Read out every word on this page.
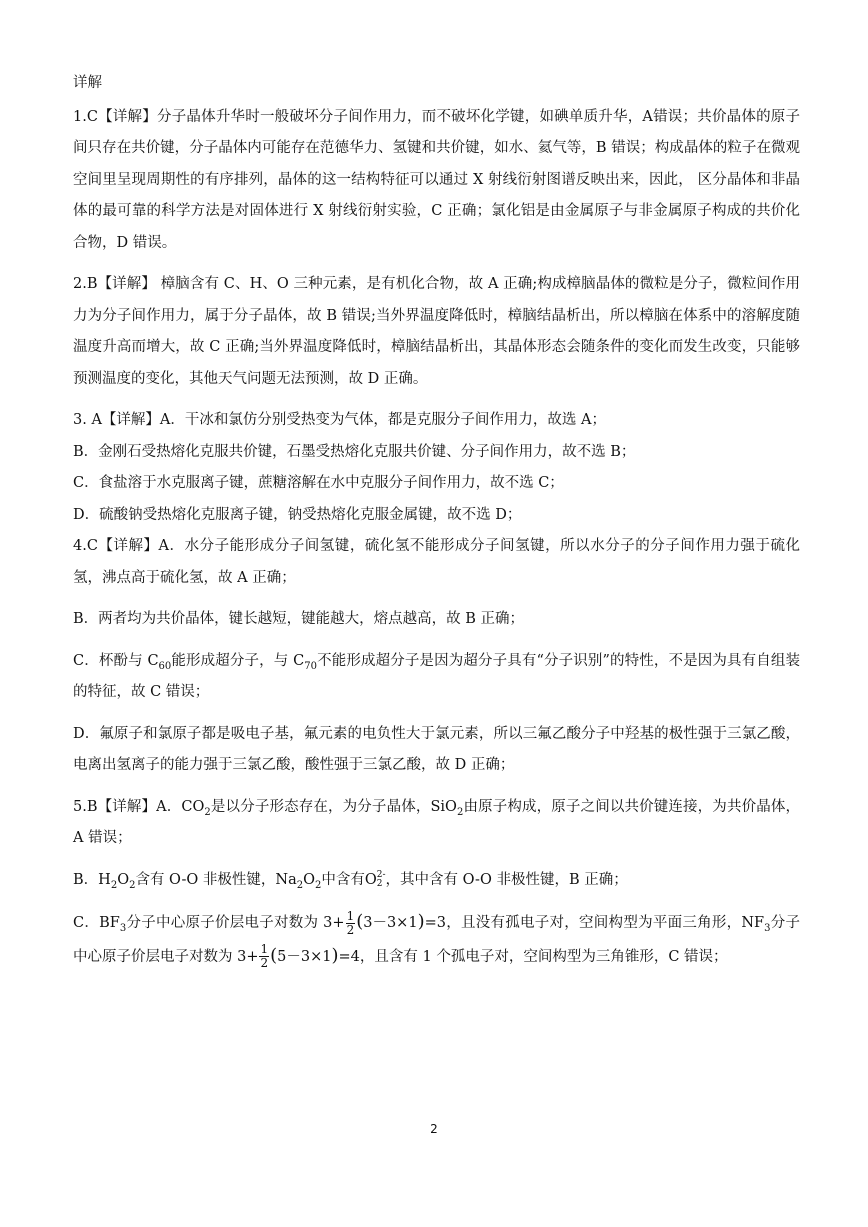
详解

1.C【详解】分子晶体升华时一般破坏分子间作用力，而不破坏化学键，如碘单质升华，A错误；共价晶体的原子间只存在共价键，分子晶体内可能存在范德华力、氢键和共价键，如水、氦气等，B 错误；构成晶体的粒子在微观空间里呈现周期性的有序排列，晶体的这一结构特征可以通过 X 射线衍射图谱反映出来，因此， 区分晶体和非晶体的最可靠的科学方法是对固体进行 X 射线衍射实验，C 正确；氯化铝是由金属原子与非金属原子构成的共价化合物，D 错误。

2.B【详解】 樟脑含有 C、H、O 三种元素，是有机化合物，故 A 正确;构成樟脑晶体的微粒是分子，微粒间作用力为分子间作用力，属于分子晶体，故 B 错误;当外界温度降低时，樟脑结晶析出，所以樟脑在体系中的溶解度随温度升高而增大，故 C 正确;当外界温度降低时，樟脑结晶析出，其晶体形态会随条件的变化而发生改变，只能够预测温度的变化，其他天气问题无法预测，故 D 正确。

3. A【详解】A．干冰和氯仿分别受热变为气体，都是克服分子间作用力，故选 A；

B．金刚石受热熔化克服共价键，石墨受热熔化克服共价键、分子间作用力，故不选 B；

C．食盐溶于水克服离子键，蔗糖溶解在水中克服分子间作用力，故不选 C；

D．硫酸钠受热熔化克服离子键，钠受热熔化克服金属键，故不选 D；

4.C【详解】A．水分子能形成分子间氢键，硫化氢不能形成分子间氢键，所以水分子的分子间作用力强于硫化氢，沸点高于硫化氢，故 A 正确；

B．两者均为共价晶体，键长越短，键能越大，熔点越高，故 B 正确；

C．杯酚与 $C_{60}$能形成超分子，与 $C_{70}$不能形成超分子是因为超分子具有“分子识别”的特性，不是因为具有自组装的特征，故 C 错误；

D．氟原子和氯原子都是吸电子基，氟元素的电负性大于氯元素，所以三氟乙酸分子中羟基的极性强于三氯乙酸，电离出氢离子的能力强于三氯乙酸，酸性强于三氯乙酸，故 D 正确；

5.B【详解】A．$CO_2$是以分子形态存在，为分子晶体，SiO$_2$由原子构成，原子之间以共价键连接，为共价晶体，A 错误；

B．$H_2O_2$含有 O-O 非极性键，$Na_2O_2$中含有O 2-
2 ，其中含有 O-O 非极性键，B 正确；

C．$BF_3$分子中心原子价层电子对数为 $3+ \frac{1}{2} (3-3\times 1)=3$，且没有孤电子对，空间构型为平面三角形，$NF_3$分子中心原子价层电子对数为 $3+ \frac{1}{2} (5-3\times 1)=4$，且含有 1 个孤电子对，空间构型为三角锥形，C 错误；

2
